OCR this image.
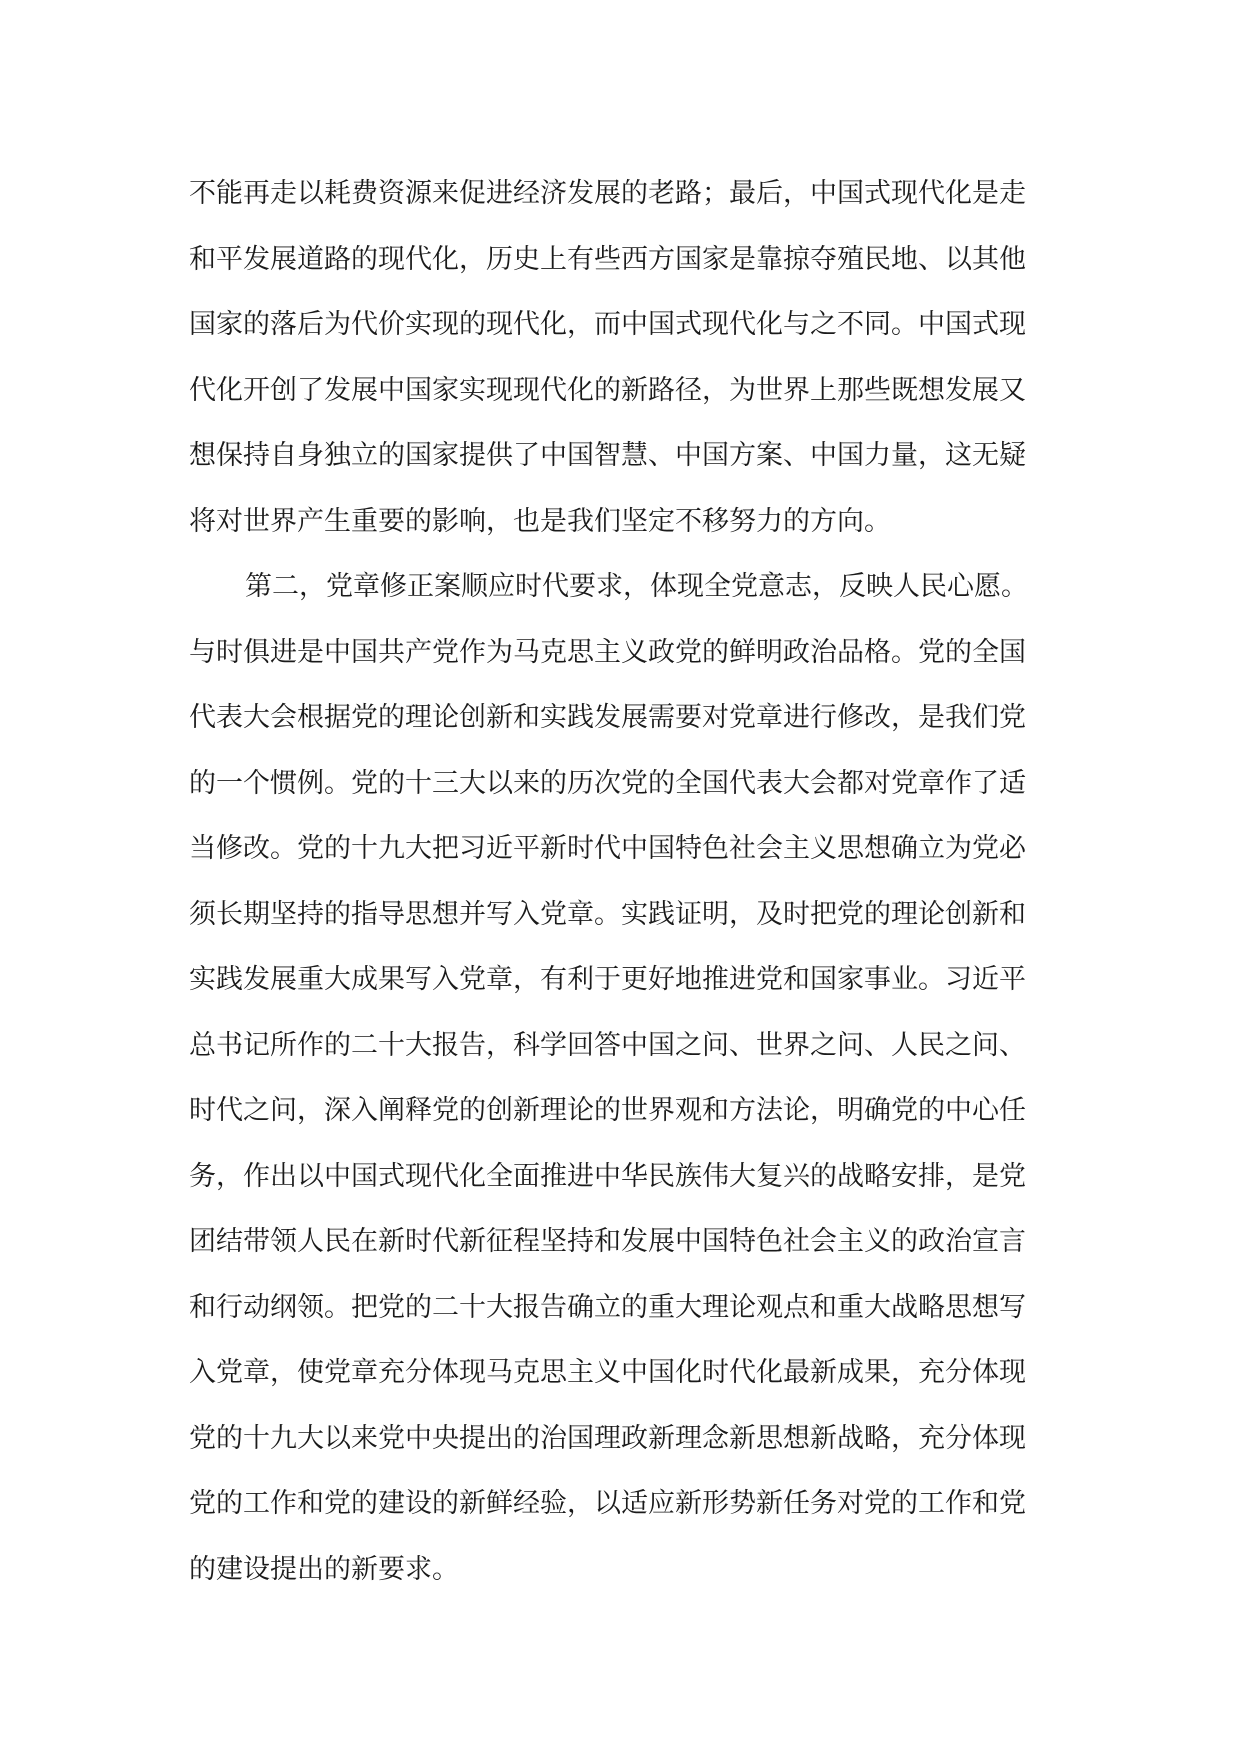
不能再走以耗费资源来促进经济发展的老路；最后，中国式现代化是走
和平发展道路的现代化，历史上有些西方国家是靠掠夺殖民地、以其他
国家的落后为代价实现的现代化，而中国式现代化与之不同。中国式现
代化开创了发展中国家实现现代化的新路径，为世界上那些既想发展又
想保持自身独立的国家提供了中国智慧、中国方案、中国力量，这无疑
将对世界产生重要的影响，也是我们坚定不移努力的方向。
第二，党章修正案顺应时代要求，体现全党意志，反映人民心愿。
与时俱进是中国共产党作为马克思主义政党的鲜明政治品格。党的全国
代表大会根据党的理论创新和实践发展需要对党章进行修改，是我们党
的一个惯例。党的十三大以来的历次党的全国代表大会都对党章作了适
当修改。党的十九大把习近平新时代中国特色社会主义思想确立为党必
须长期坚持的指导思想并写入党章。实践证明，及时把党的理论创新和
实践发展重大成果写入党章，有利于更好地推进党和国家事业。习近平
总书记所作的二十大报告，科学回答中国之问、世界之问、人民之问、
时代之问，深入阐释党的创新理论的世界观和方法论，明确党的中心任
务，作出以中国式现代化全面推进中华民族伟大复兴的战略安排，是党
团结带领人民在新时代新征程坚持和发展中国特色社会主义的政治宣言
和行动纲领。把党的二十大报告确立的重大理论观点和重大战略思想写
入党章，使党章充分体现马克思主义中国化时代化最新成果，充分体现
党的十九大以来党中央提出的治国理政新理念新思想新战略，充分体现
党的工作和党的建设的新鲜经验，以适应新形势新任务对党的工作和党
的建设提出的新要求。
